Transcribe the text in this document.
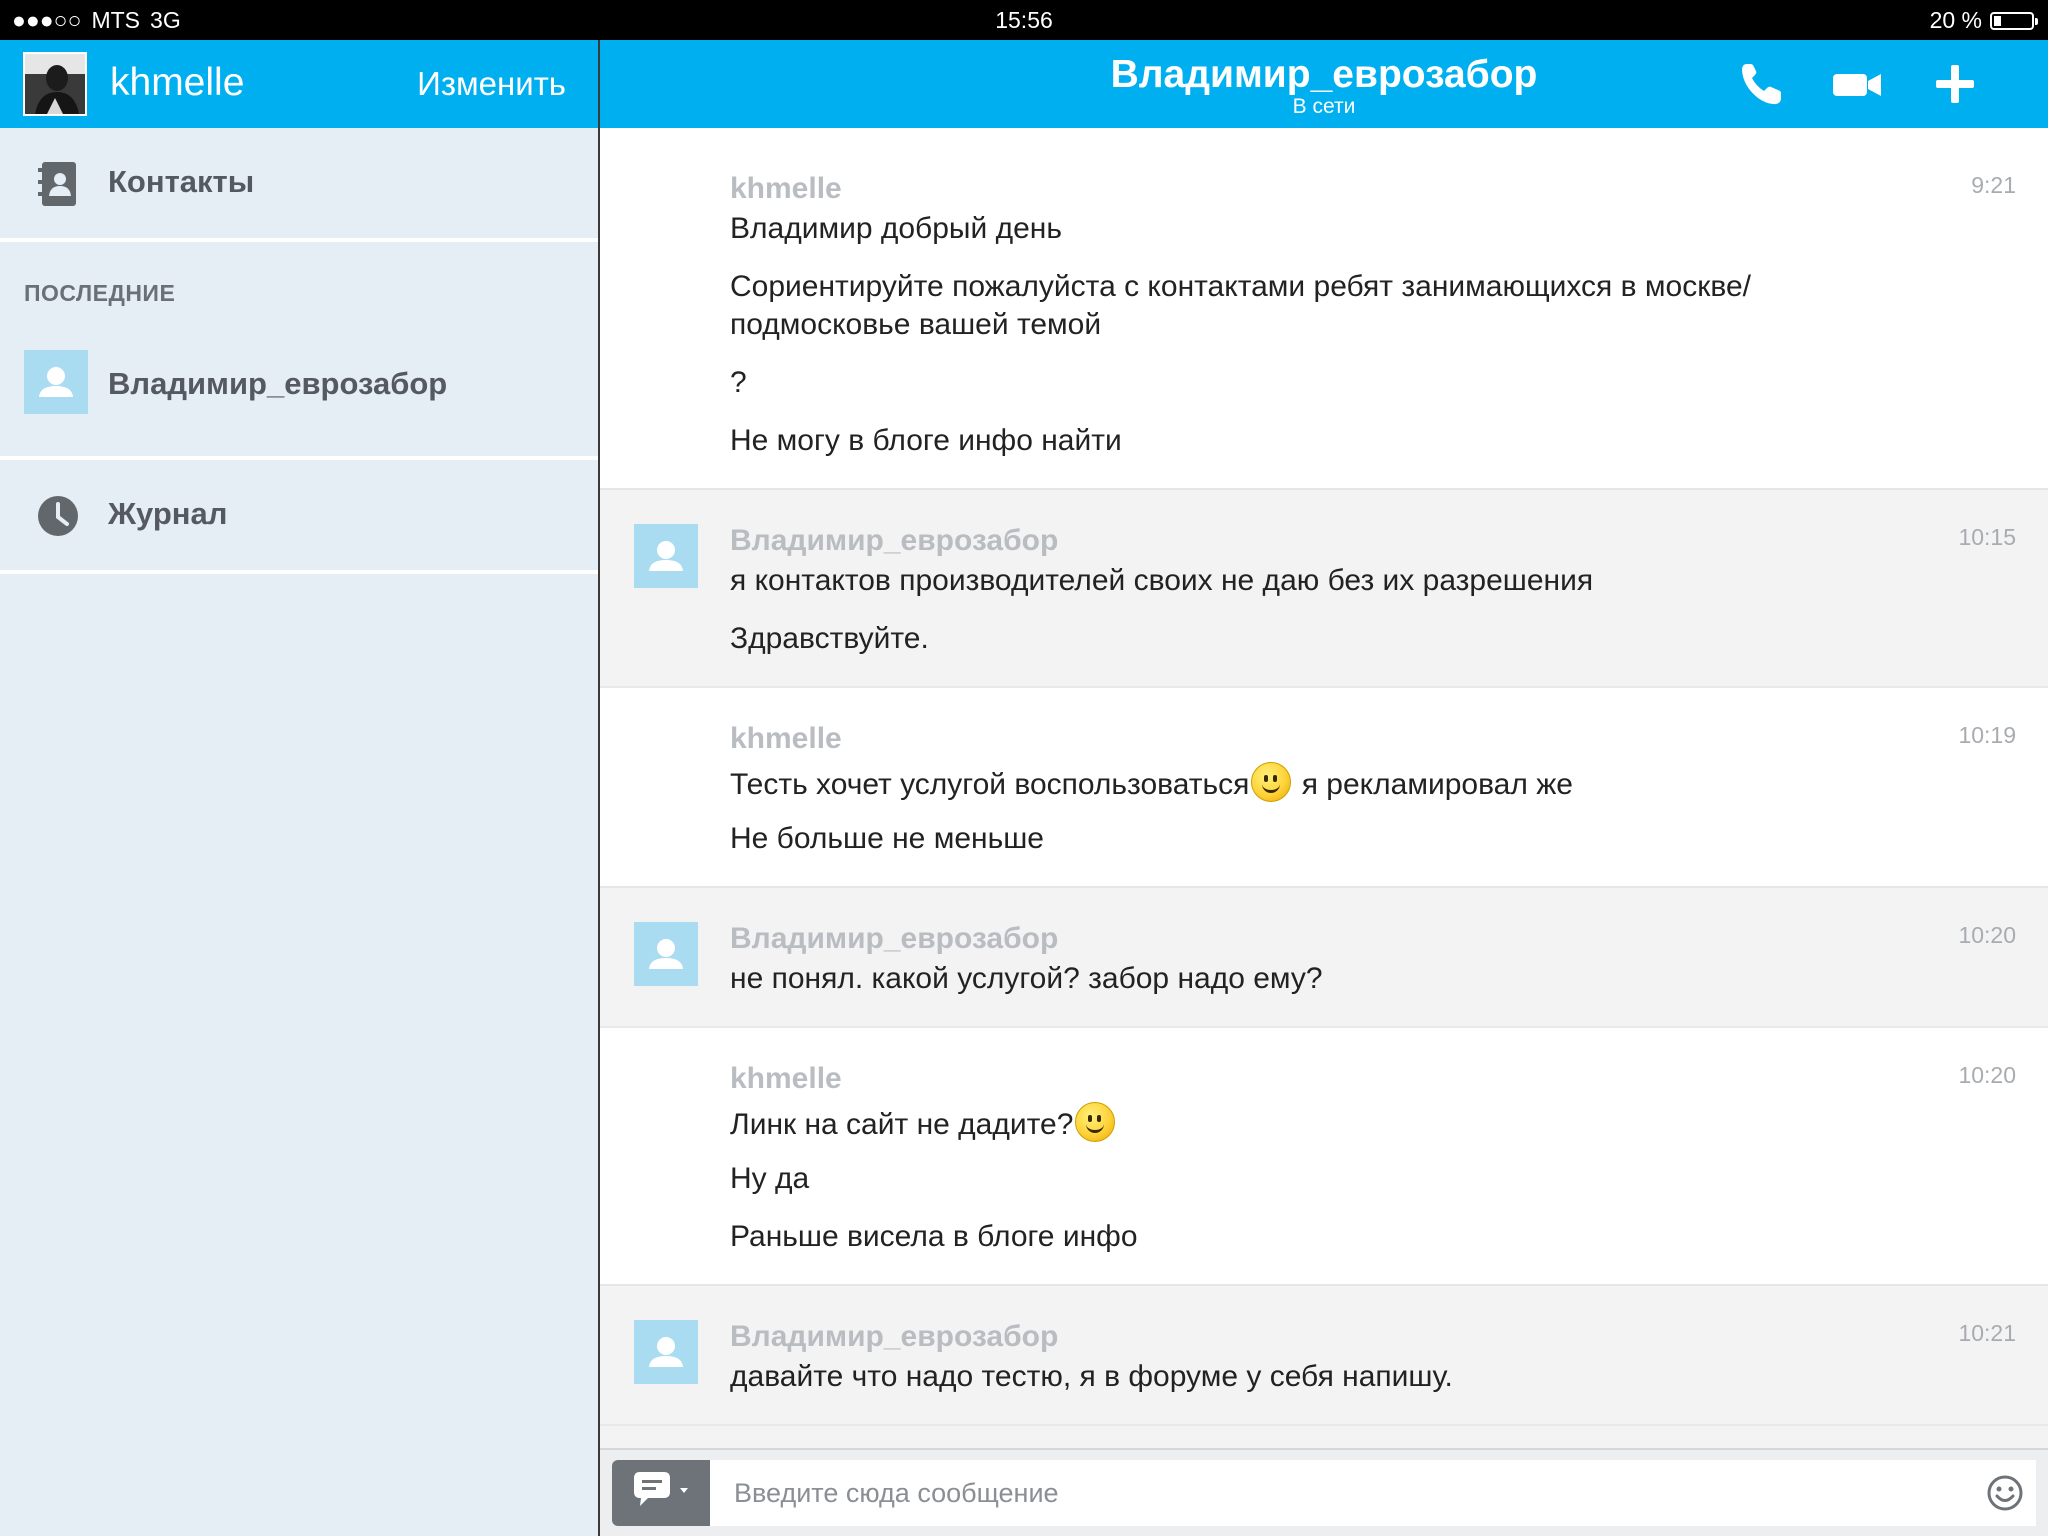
●●●○○ MTS 3G	15:56	20 %
khmelle	Изменить
Контакты
ПОСЛЕДНИЕ
Владимир_еврозабор
Журнал
Владимир_еврозабор
В сети
khmelle	9:21
Владимир добрый день
Сориентируйте пожалуйста с контактами ребят занимающихся в москве/
подмосковье вашей темой
?
Не могу в блоге инфо найти
Владимир_еврозабор	10:15
я контактов производителей своих не даю без их разрешения
Здравствуйте.
khmelle	10:19
Тесть хочет услугой воспользоваться я рекламировал же
Не больше не меньше
Владимир_еврозабор	10:20
не понял. какой услугой? забор надо ему?
khmelle	10:20
Линк на сайт не дадите?
Ну да
Раньше висела в блоге инфо
Владимир_еврозабор	10:21
давайте что надо тестю, я в форуме у себя напишу.
Введите сюда сообщение
